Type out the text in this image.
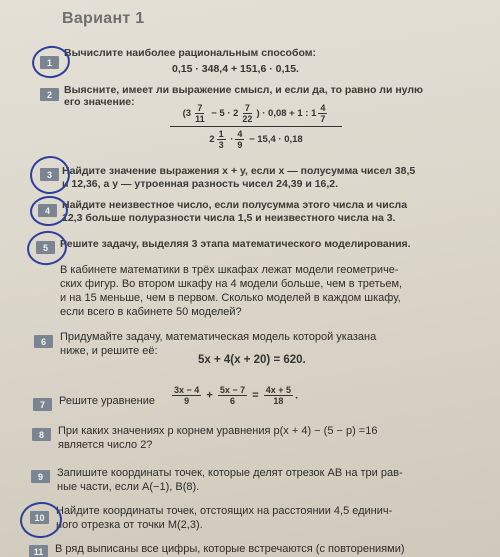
Вариант 1
1
Вычислите наиболее рациональным способом:
0,15 · 348,4 + 151,6 · 0,15.
2	Выясните, имеет ли выражение смысл, и если да, то равно ли нулю
его значение:
$\frac{(3 \frac{7}{11} - 5 \cdot 2 \frac{7}{22} ) \cdot 0,08 + 1 : 1 \frac{4}{7}}{2 \frac{1}{3} \cdot \frac{4}{9} - 15,4 \cdot 0,18}$
3 Найдите значение выражения x + y, если x — полусумма чисел 38,5
и 12,36, а y — утроенная разность чисел 24,39 и 16,2.
4	Найдите неизвестное число, если полусумма этого числа и числа
12,3 больше полуразности числа 1,5 и неизвестного числа на 3.
5	Решите задачу, выделяя 3 этапа математического моделирования.
В кабинете математики в трёх шкафах лежат модели геометриче-
ских фигур. Во втором шкафу на 4 модели больше, чем в третьем,
и на 15 меньше, чем в первом. Сколько моделей в каждом шкафу,
если всего в кабинете 50 моделей?
6	Придумайте задачу, математическая модель которой указана
ниже, и решите её:
5x + 4(x + 20) = 620.
7	Решите уравнение $\frac{3x - 4}{9} + \frac{5x - 7}{6} = \frac{4x + 5}{18}$ .
8	При каких значениях p корнем уравнения p(x + 4) − (5 − p) =16
является число 2?
9	Запишите координаты точек, которые делят отрезок AB на три рав-
ные части, если A(−1), B(8).
10
Найдите координаты точек, отстоящих на расстоянии 4,5 единич-
ного отрезка от точки M(2,3).
11	В ряд выписаны все цифры, которые встречаются (с повторениями)
